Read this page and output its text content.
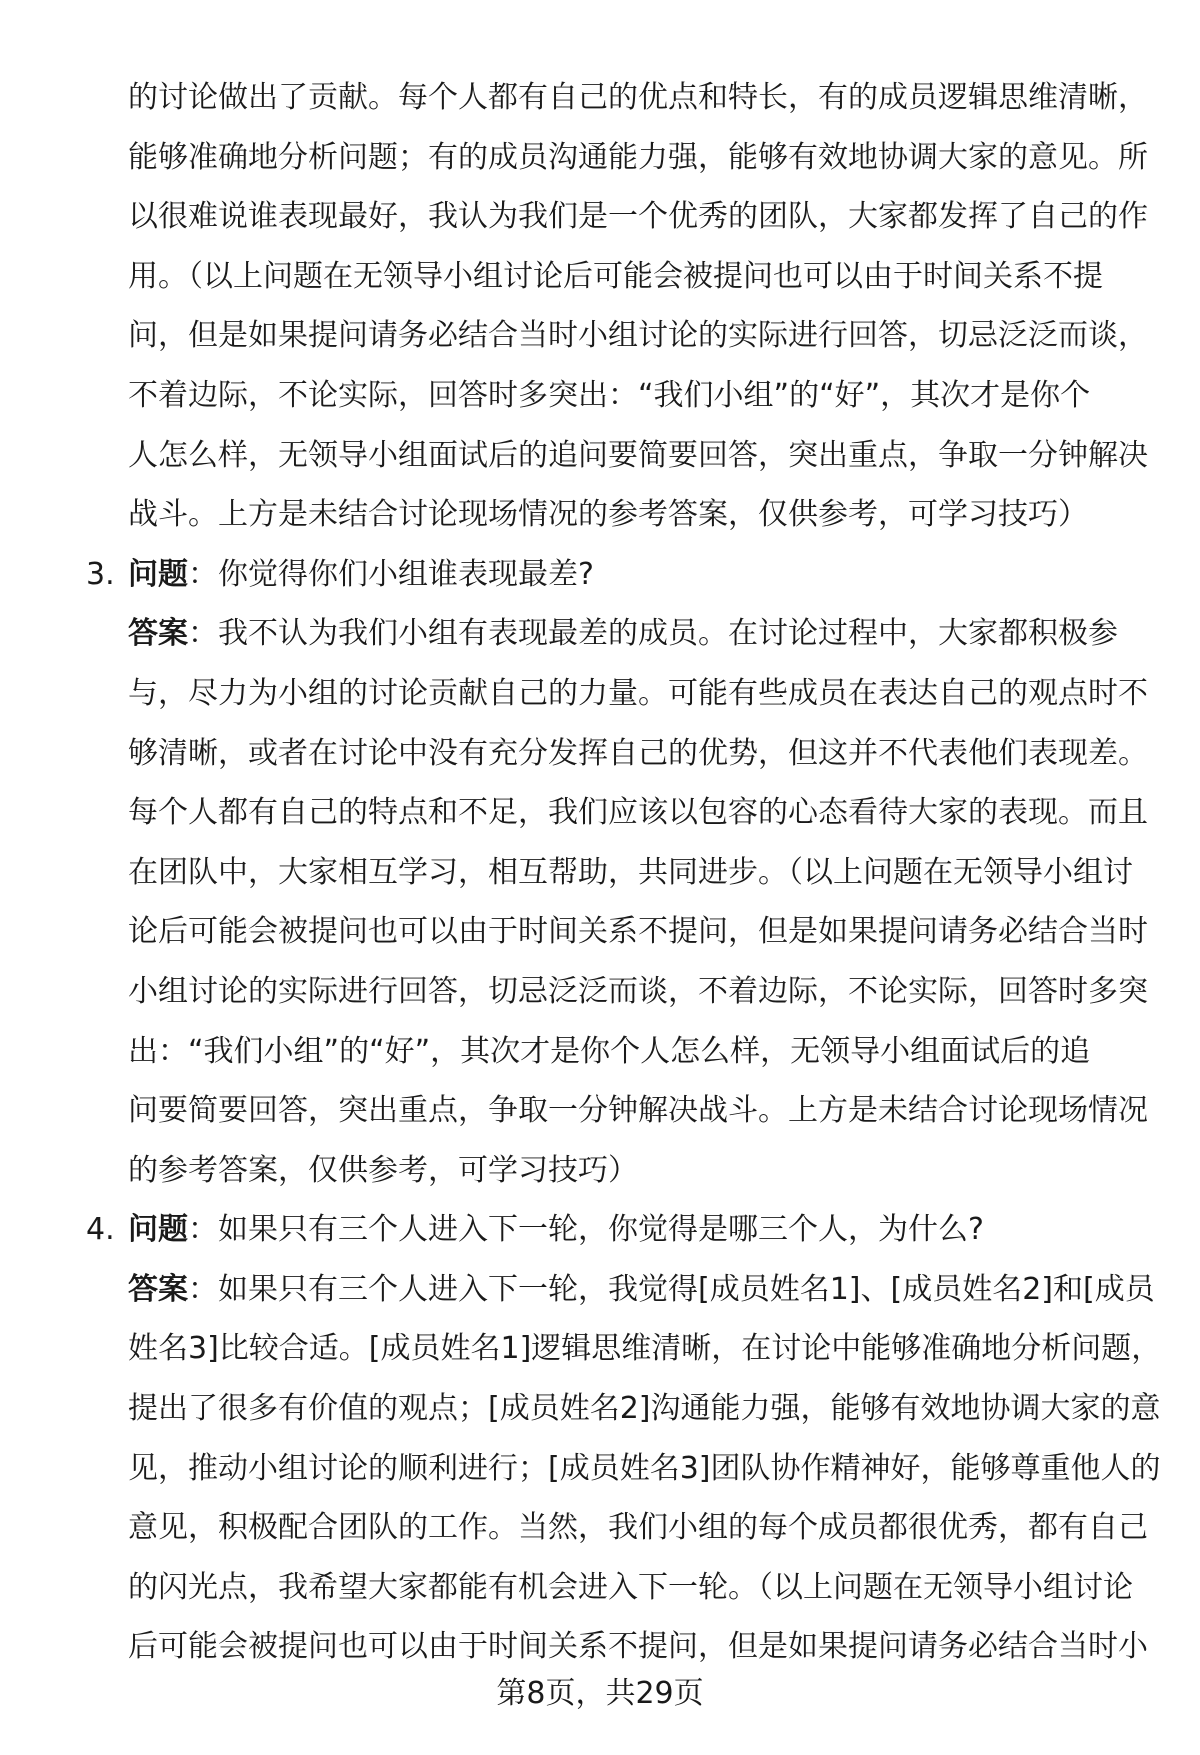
的讨论做出了贡献。每个人都有自己的优点和特长，有的成员逻辑思维清晰，
能够准确地分析问题；有的成员沟通能力强，能够有效地协调大家的意见。所
以很难说谁表现最好，我认为我们是一个优秀的团队，大家都发挥了自己的作
用。（以上问题在无领导小组讨论后可能会被提问也可以由于时间关系不提
问，但是如果提问请务必结合当时小组讨论的实际进行回答，切忌泛泛而谈，
不着边际，不论实际，回答时多突出：“我们小组”的“好”，其次才是你个
人怎么样，无领导小组面试后的追问要简要回答，突出重点，争取一分钟解决
战斗。上方是未结合讨论现场情况的参考答案，仅供参考，可学习技巧）
3. 问题：你觉得你们小组谁表现最差?
答案：我不认为我们小组有表现最差的成员。在讨论过程中，大家都积极参
与，尽力为小组的讨论贡献自己的力量。可能有些成员在表达自己的观点时不
够清晰，或者在讨论中没有充分发挥自己的优势，但这并不代表他们表现差。
每个人都有自己的特点和不足，我们应该以包容的心态看待大家的表现。而且
在团队中，大家相互学习，相互帮助，共同进步。（以上问题在无领导小组讨
论后可能会被提问也可以由于时间关系不提问，但是如果提问请务必结合当时
小组讨论的实际进行回答，切忌泛泛而谈，不着边际，不论实际，回答时多突
出：“我们小组”的“好”，其次才是你个人怎么样，无领导小组面试后的追
问要简要回答，突出重点，争取一分钟解决战斗。上方是未结合讨论现场情况
的参考答案，仅供参考，可学习技巧）
4. 问题：如果只有三个人进入下一轮，你觉得是哪三个人，为什么?
答案：如果只有三个人进入下一轮，我觉得[成员姓名1]、[成员姓名2]和[成员
姓名3]比较合适。[成员姓名1]逻辑思维清晰，在讨论中能够准确地分析问题，
提出了很多有价值的观点；[成员姓名2]沟通能力强，能够有效地协调大家的意
见，推动小组讨论的顺利进行；[成员姓名3]团队协作精神好，能够尊重他人的
意见，积极配合团队的工作。当然，我们小组的每个成员都很优秀，都有自己
的闪光点，我希望大家都能有机会进入下一轮。（以上问题在无领导小组讨论
后可能会被提问也可以由于时间关系不提问，但是如果提问请务必结合当时小
第8页，共29页
